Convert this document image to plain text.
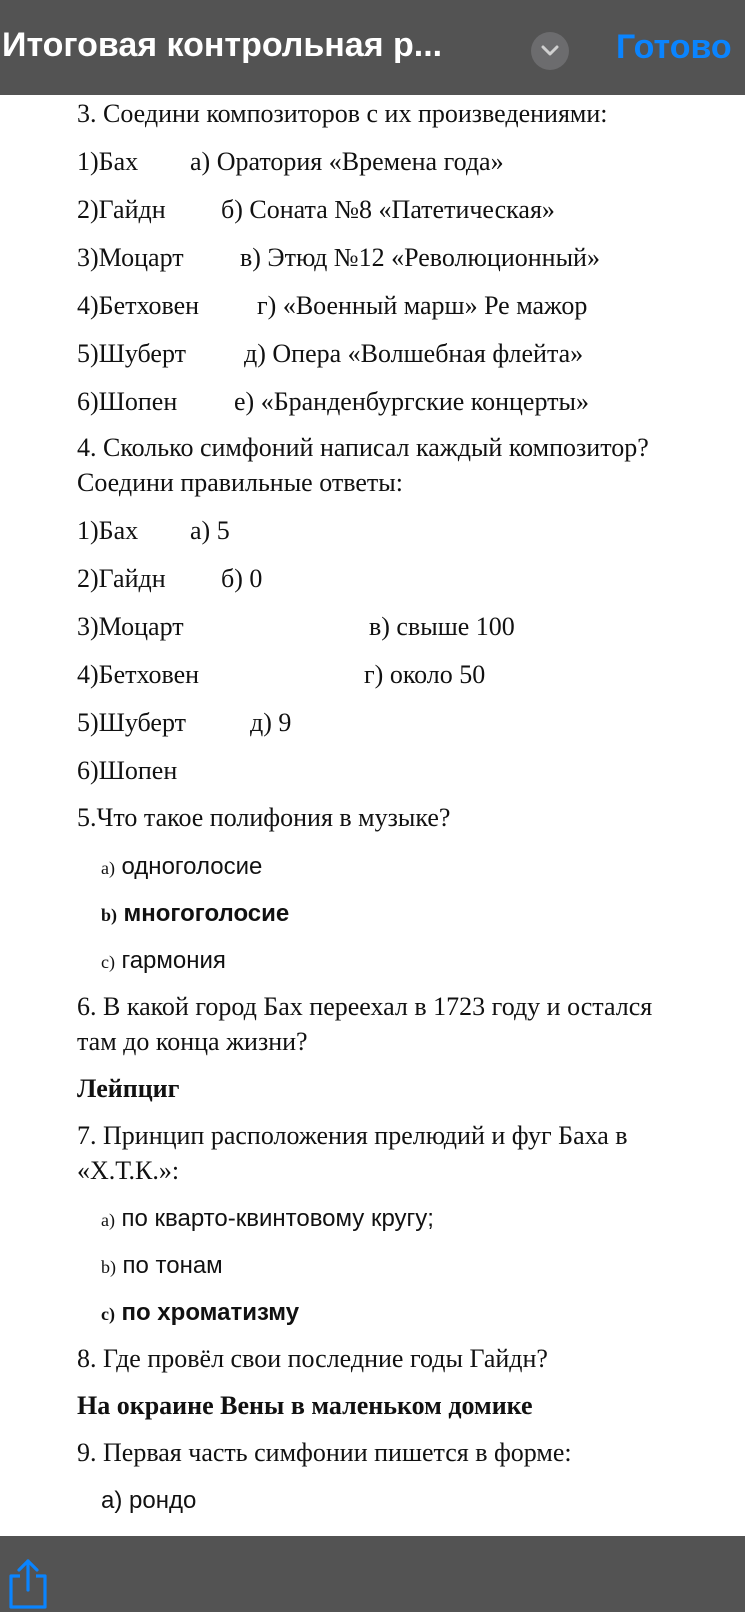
Итоговая контрольная р...	Готово
3. Соедини композиторов с их произведениями:
1)Бах а) Оратория «Времена года»
2)Гайдн б) Соната №8 «Патетическая»
3)Моцарт в) Этюд №12 «Революционный»
4)Бетховен г) «Военный марш» Ре мажор
5)Шуберт д) Опера «Волшебная флейта»
6)Шопен е) «Бранденбургские концерты»
4. Сколько симфоний написал каждый композитор?
Соедини правильные ответы:
1)Бах а) 5
2)Гайдн б) 0
3)Моцарт	в) свыше 100
4)Бетховен	г) около 50
5)Шуберт д) 9
6)Шопен
5.Что такое полифония в музыке?
a) одноголосие
b) многоголосие
c) гармония
6. В какой город Бах переехал в 1723 году и остался
там до конца жизни?
Лейпциг
7. Принцип расположения прелюдий и фуг Баха в
«Х.Т.К.»:
a) по кварто-квинтовому кругу;
b) по тонам
c) по хроматизму
8. Где провёл свои последние годы Гайдн?
На окраине Вены в маленьком домике
9. Первая часть симфонии пишется в форме:
а) рондо
